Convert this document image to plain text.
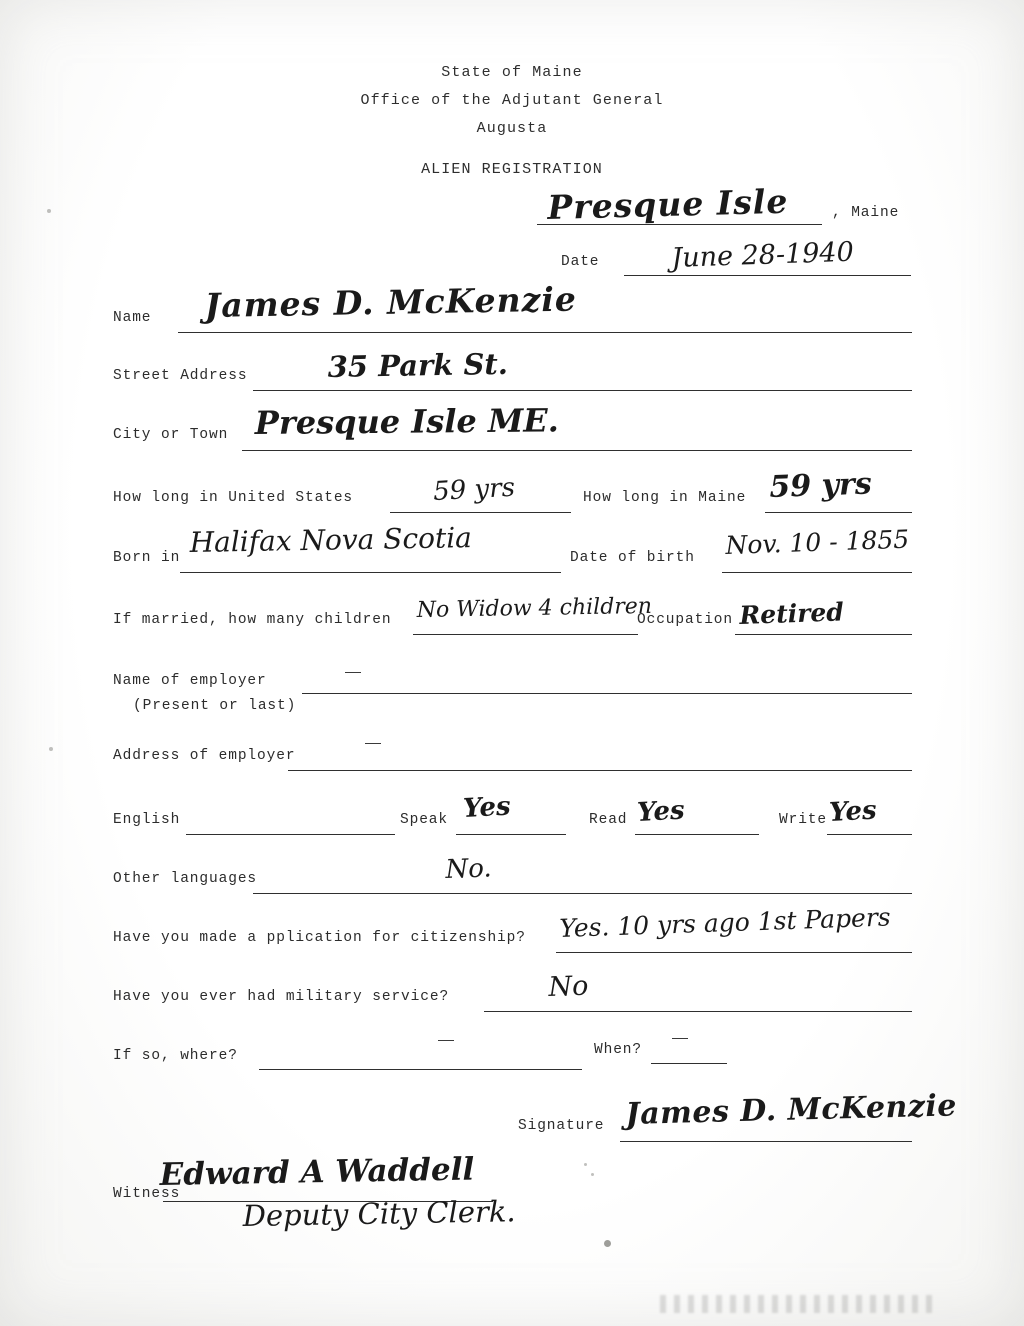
State of Maine
Office of the Adjutant General
Augusta
ALIEN REGISTRATION
Presque Isle	, Maine
Date	June 28-1940
Name James D. McKenzie
Street Address	35 Park St.
City or Town Presque Isle ME.
How long in United States	59 yrs	How long in Maine 59 yrs
Born in Halifax Nova Scotia	Date of birth Nov. 10 - 1855
If married, how many children No Widow 4 children
Occupation Retired
Name of employer
(Present or last)
Address of employer
English	Speak Yes	Read Yes	Write Yes
Other languages	No.
Have you made a pplication for citizenship? Yes. 10 yrs ago 1st Papers
Have you ever had military service?	No
If so, where?	When?
Signature James D. McKenzie
Witness
Edward A Waddell
Deputy City Clerk.
